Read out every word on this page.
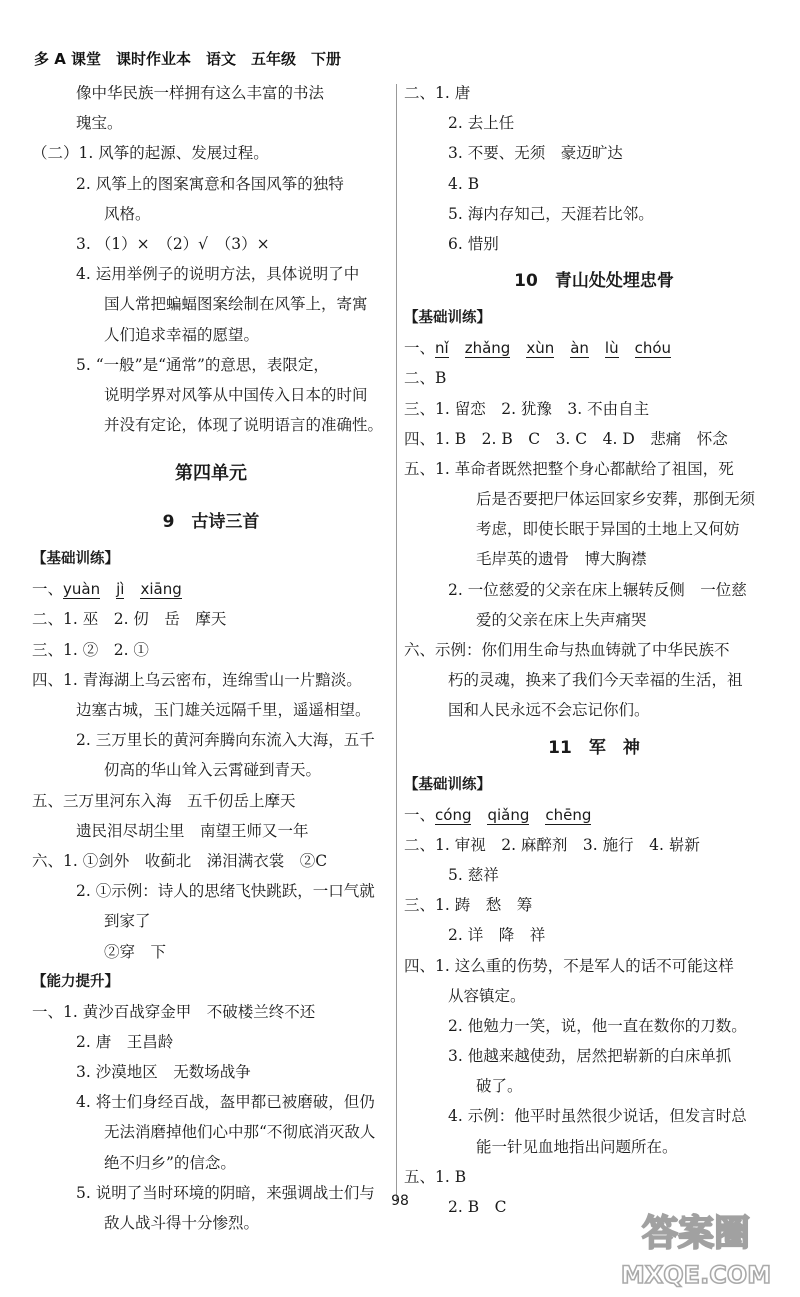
多 A 课堂　课时作业本　语文　五年级　下册
像中华民族一样拥有这么丰富的书法
瑰宝。
（二）1. 风筝的起源、发展过程。
2. 风筝上的图案寓意和各国风筝的独特
风格。
3. （1）×　（2）√　（3）×
4. 运用举例子的说明方法，具体说明了中
国人常把蝙蝠图案绘制在风筝上，寄寓
人们追求幸福的愿望。
5. “一般”是“通常”的意思，表限定，
说明学界对风筝从中国传入日本的时间
并没有定论，体现了说明语言的准确性。
第四单元
9　古诗三首
【基础训练】
一、yuàn jì xiāng
二、1. 巫　2. 仞　岳　摩天
三、1. ②　2. ①
四、1. 青海湖上乌云密布，连绵雪山一片黯淡。
边塞古城，玉门雄关远隔千里，遥遥相望。
2. 三万里长的黄河奔腾向东流入大海，五千
仞高的华山耸入云霄碰到青天。
五、三万里河东入海　五千仞岳上摩天
遗民泪尽胡尘里　南望王师又一年
六、1. ①剑外　收蓟北　涕泪满衣裳　②C
2. ①示例：诗人的思绪飞快跳跃，一口气就
到家了
②穿　下
【能力提升】
一、1. 黄沙百战穿金甲　不破楼兰终不还
2. 唐　王昌龄
3. 沙漠地区　无数场战争
4. 将士们身经百战，盔甲都已被磨破，但仍
无法消磨掉他们心中那“不彻底消灭敌人
绝不归乡”的信念。
5. 说明了当时环境的阴暗，来强调战士们与
敌人战斗得十分惨烈。
二、1. 唐
2. 去上任
3. 不要、无须　豪迈旷达
4. B
5. 海内存知己，天涯若比邻。
6. 惜别
10　青山处处埋忠骨
【基础训练】
一、nǐ zhǎng xùn àn lù chóu
二、B
三、1. 留恋　2. 犹豫　3. 不由自主
四、1. B　2. B　C　3. C　4. D　悲痛　怀念
五、1. 革命者既然把整个身心都献给了祖国，死
后是否要把尸体运回家乡安葬，那倒无须
考虑，即使长眠于异国的土地上又何妨
毛岸英的遗骨　博大胸襟
2. 一位慈爱的父亲在床上辗转反侧　一位慈
爱的父亲在床上失声痛哭
六、示例：你们用生命与热血铸就了中华民族不
朽的灵魂，换来了我们今天幸福的生活，祖
国和人民永远不会忘记你们。
11　军　神
【基础训练】
一、cóng qiǎng chēng
二、1. 审视　2. 麻醉剂　3. 施行　4. 崭新
5. 慈祥
三、1. 踌　愁　筹
2. 详　降　祥
四、1. 这么重的伤势，不是军人的话不可能这样
从容镇定。
2. 他勉力一笑，说，他一直在数你的刀数。
3. 他越来越使劲，居然把崭新的白床单抓
破了。
4. 示例：他平时虽然很少说话，但发言时总
能一针见血地指出问题所在。
五、1. B
2. B　C
98
答案圈
MXQE.COM
